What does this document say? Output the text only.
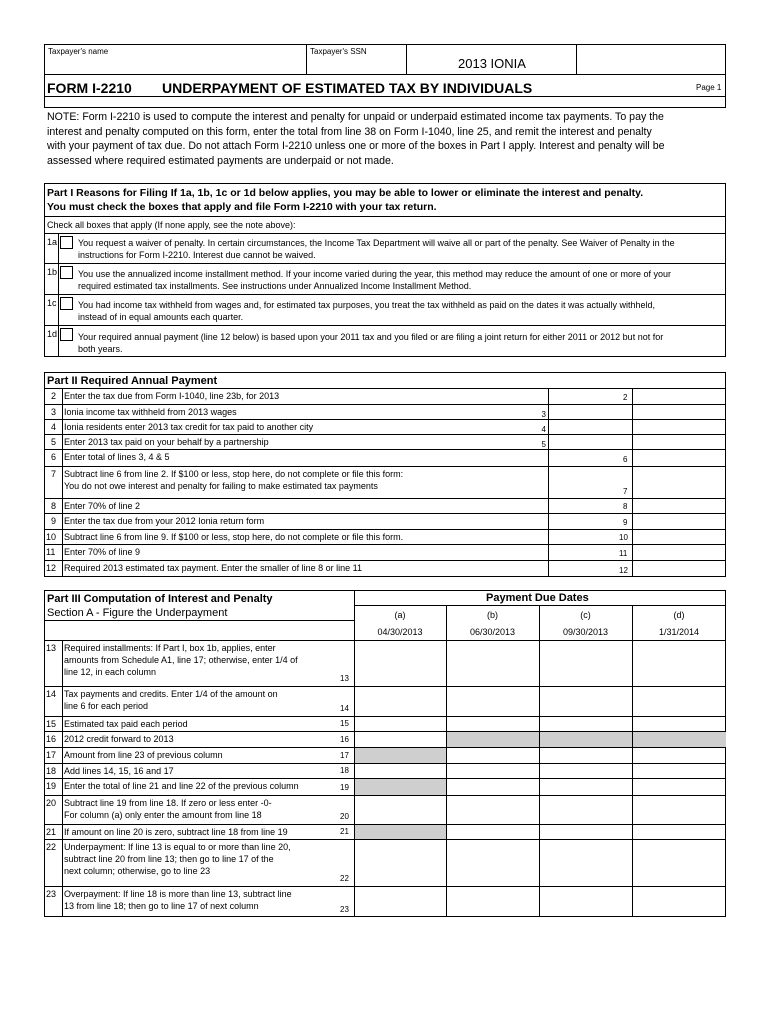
Taxpayer's name	Taxpayer's SSN
2013 IONIA
FORM I-2210 UNDERPAYMENT OF ESTIMATED TAX BY INDIVIDUALS	Page 1
NOTE: Form I-2210 is used to compute the interest and penalty for unpaid or underpaid estimated income tax payments. To pay the
interest and penalty computed on this form, enter the total from line 38 on Form I-1040, line 25, and remit the interest and penalty
with your payment of tax due. Do not attach Form I-2210 unless one or more of the boxes in Part I apply. Interest and penalty will be
assessed where required estimated payments are underpaid or not made.
Part I Reasons for Filing If 1a, 1b, 1c or 1d below applies, you may be able to lower or eliminate the interest and penalty.
You must check the boxes that apply and file Form I-2210 with your tax return.
Check all boxes that apply (If none apply, see the note above):
1a You request a waiver of penalty. In certain circumstances, the Income Tax Department will waive all or part of the penalty. See Waiver of Penalty in the
instructions for Form I-2210. Interest due cannot be waived.
1b You use the annualized income installment method. If your income varied during the year, this method may reduce the amount of one or more of your
required estimated tax installments. See instructions under Annualized Income Installment Method.
1c You had income tax withheld from wages and, for estimated tax purposes, you treat the tax withheld as paid on the dates it was actually withheld,
instead of in equal amounts each quarter.
1d Your required annual payment (line 12 below) is based upon your 2011 tax and you filed or are filing a joint return for either 2011 or 2012 but not for
both years.
Part II Required Annual Payment
2 Enter the tax due from Form I-1040, line 23b, for 2013	2
3 Ionia income tax withheld from 2013 wages	3
4 Ionia residents enter 2013 tax credit for tax paid to another city	4
5 Enter 2013 tax paid on your behalf by a partnership	5
6 Enter total of lines 3, 4 & 5	6
7 Subtract line 6 from line 2. If $100 or less, stop here, do not complete or file this form:
You do not owe interest and penalty for failing to make estimated tax payments
7
8 Enter 70% of line 2	8
9 Enter the tax due from your 2012 Ionia return form	9
10 Subtract line 6 from line 9. If $100 or less, stop here, do not complete or file this form.	10
11 Enter 70% of line 9	11
12 Required 2013 estimated tax payment. Enter the smaller of line 8 or line 11	12
Part III Computation of Interest and Penalty
Section A - Figure the Underpayment
Payment Due Dates
(a)
04/30/2013
(b)
06/30/2013
(c)
09/30/2013
(d)
1/31/2014
13 Required installments: If Part I, box 1b, applies, enter
amounts from Schedule A1, line 17; otherwise, enter 1/4 of
line 12, in each column
13
14 Tax payments and credits. Enter 1/4 of the amount on
line 6 for each period	14
15 Estimated tax paid each period	15
16 2012 credit forward to 2013	16
17 Amount from line 23 of previous column	17
18 Add lines 14, 15, 16 and 17	18
19 Enter the total of line 21 and line 22 of the previous column	19
20 Subtract line 19 from line 18. If zero or less enter -0-
For column (a) only enter the amount from line 18	20
21 If amount on line 20 is zero, subtract line 18 from line 19	21
22 Underpayment: If line 13 is equal to or more than line 20,
subtract line 20 from line 13; then go to line 17 of the
next column; otherwise, go to line 23
22
23 Overpayment: If line 18 is more than line 13, subtract line
13 from line 18; then go to line 17 of next column	23
